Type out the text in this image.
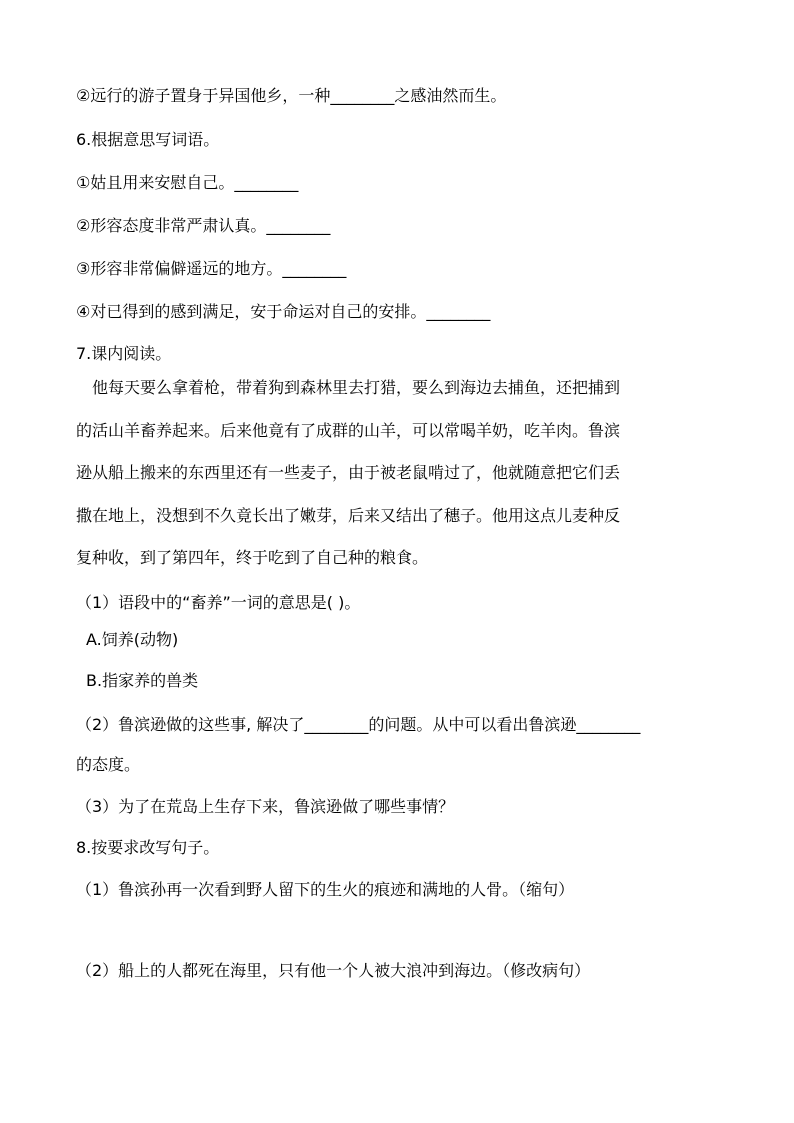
②远行的游子置身于异国他乡，一种________之感油然而生。
6.根据意思写词语。
①姑且用来安慰自己。________
②形容态度非常严肃认真。________
③形容非常偏僻遥远的地方。________
④对已得到的感到满足，安于命运对自己的安排。________
7.课内阅读。
他每天要么拿着枪，带着狗到森林里去打猎，要么到海边去捕鱼，还把捕到
的活山羊畜养起来。后来他竟有了成群的山羊，可以常喝羊奶，吃羊肉。鲁滨
逊从船上搬来的东西里还有一些麦子，由于被老鼠啃过了，他就随意把它们丢
撒在地上，没想到不久竟长出了嫩芽，后来又结出了穗子。他用这点儿麦种反
复种收，到了第四年，终于吃到了自己种的粮食。
（1）语段中的“畜养”一词的意思是( )。
A.饲养(动物)
B.指家养的兽类
（2）鲁滨逊做的这些事, 解决了________的问题。从中可以看出鲁滨逊________
的态度。
（3）为了在荒岛上生存下来，鲁滨逊做了哪些事情？
8.按要求改写句子。
（1）鲁滨孙再一次看到野人留下的生火的痕迹和满地的人骨。（缩句）
（2）船上的人都死在海里，只有他一个人被大浪冲到海边。（修改病句）
